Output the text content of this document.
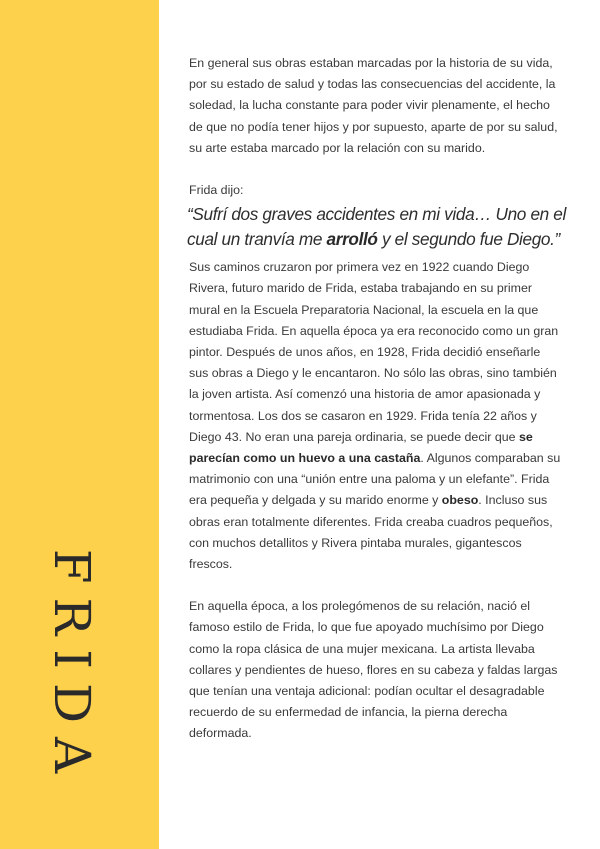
FRIDA

En general sus obras estaban marcadas por la historia de su vida, por su estado de salud y todas las consecuencias del accidente, la soledad, la lucha constante para poder vivir plenamente, el hecho de que no podía tener hijos y por supuesto, aparte de por su salud, su arte estaba marcado por la relación con su marido.

Frida dijo:

“Sufrí dos graves accidentes en mi vida… Uno en el cual un tranvía me arrolló y el segundo fue Diego.”

Sus caminos cruzaron por primera vez en 1922 cuando Diego Rivera, futuro marido de Frida, estaba trabajando en su primer mural en la Escuela Preparatoria Nacional, la escuela en la que estudiaba Frida. En aquella época ya era reconocido como un gran pintor. Después de unos años, en 1928, Frida decidió enseñarle sus obras a Diego y le encantaron. No sólo las obras, sino también la joven artista. Así comenzó una historia de amor apasionada y tormentosa. Los dos se casaron en 1929. Frida tenía 22 años y Diego 43. No eran una pareja ordinaria, se puede decir que se parecían como un huevo a una castaña. Algunos comparaban su matrimonio con una “unión entre una paloma y un elefante”. Frida era pequeña y delgada y su marido enorme y obeso. Incluso sus obras eran totalmente diferentes. Frida creaba cuadros pequeños, con muchos detallitos y Rivera pintaba murales, gigantescos frescos.

En aquella época, a los prolegómenos de su relación, nació el famoso estilo de Frida, lo que fue apoyado muchísimo por Diego como la ropa clásica de una mujer mexicana. La artista llevaba collares y pendientes de hueso, flores en su cabeza y faldas largas que tenían una ventaja adicional: podían ocultar el desagradable recuerdo de su enfermedad de infancia, la pierna derecha deformada.
